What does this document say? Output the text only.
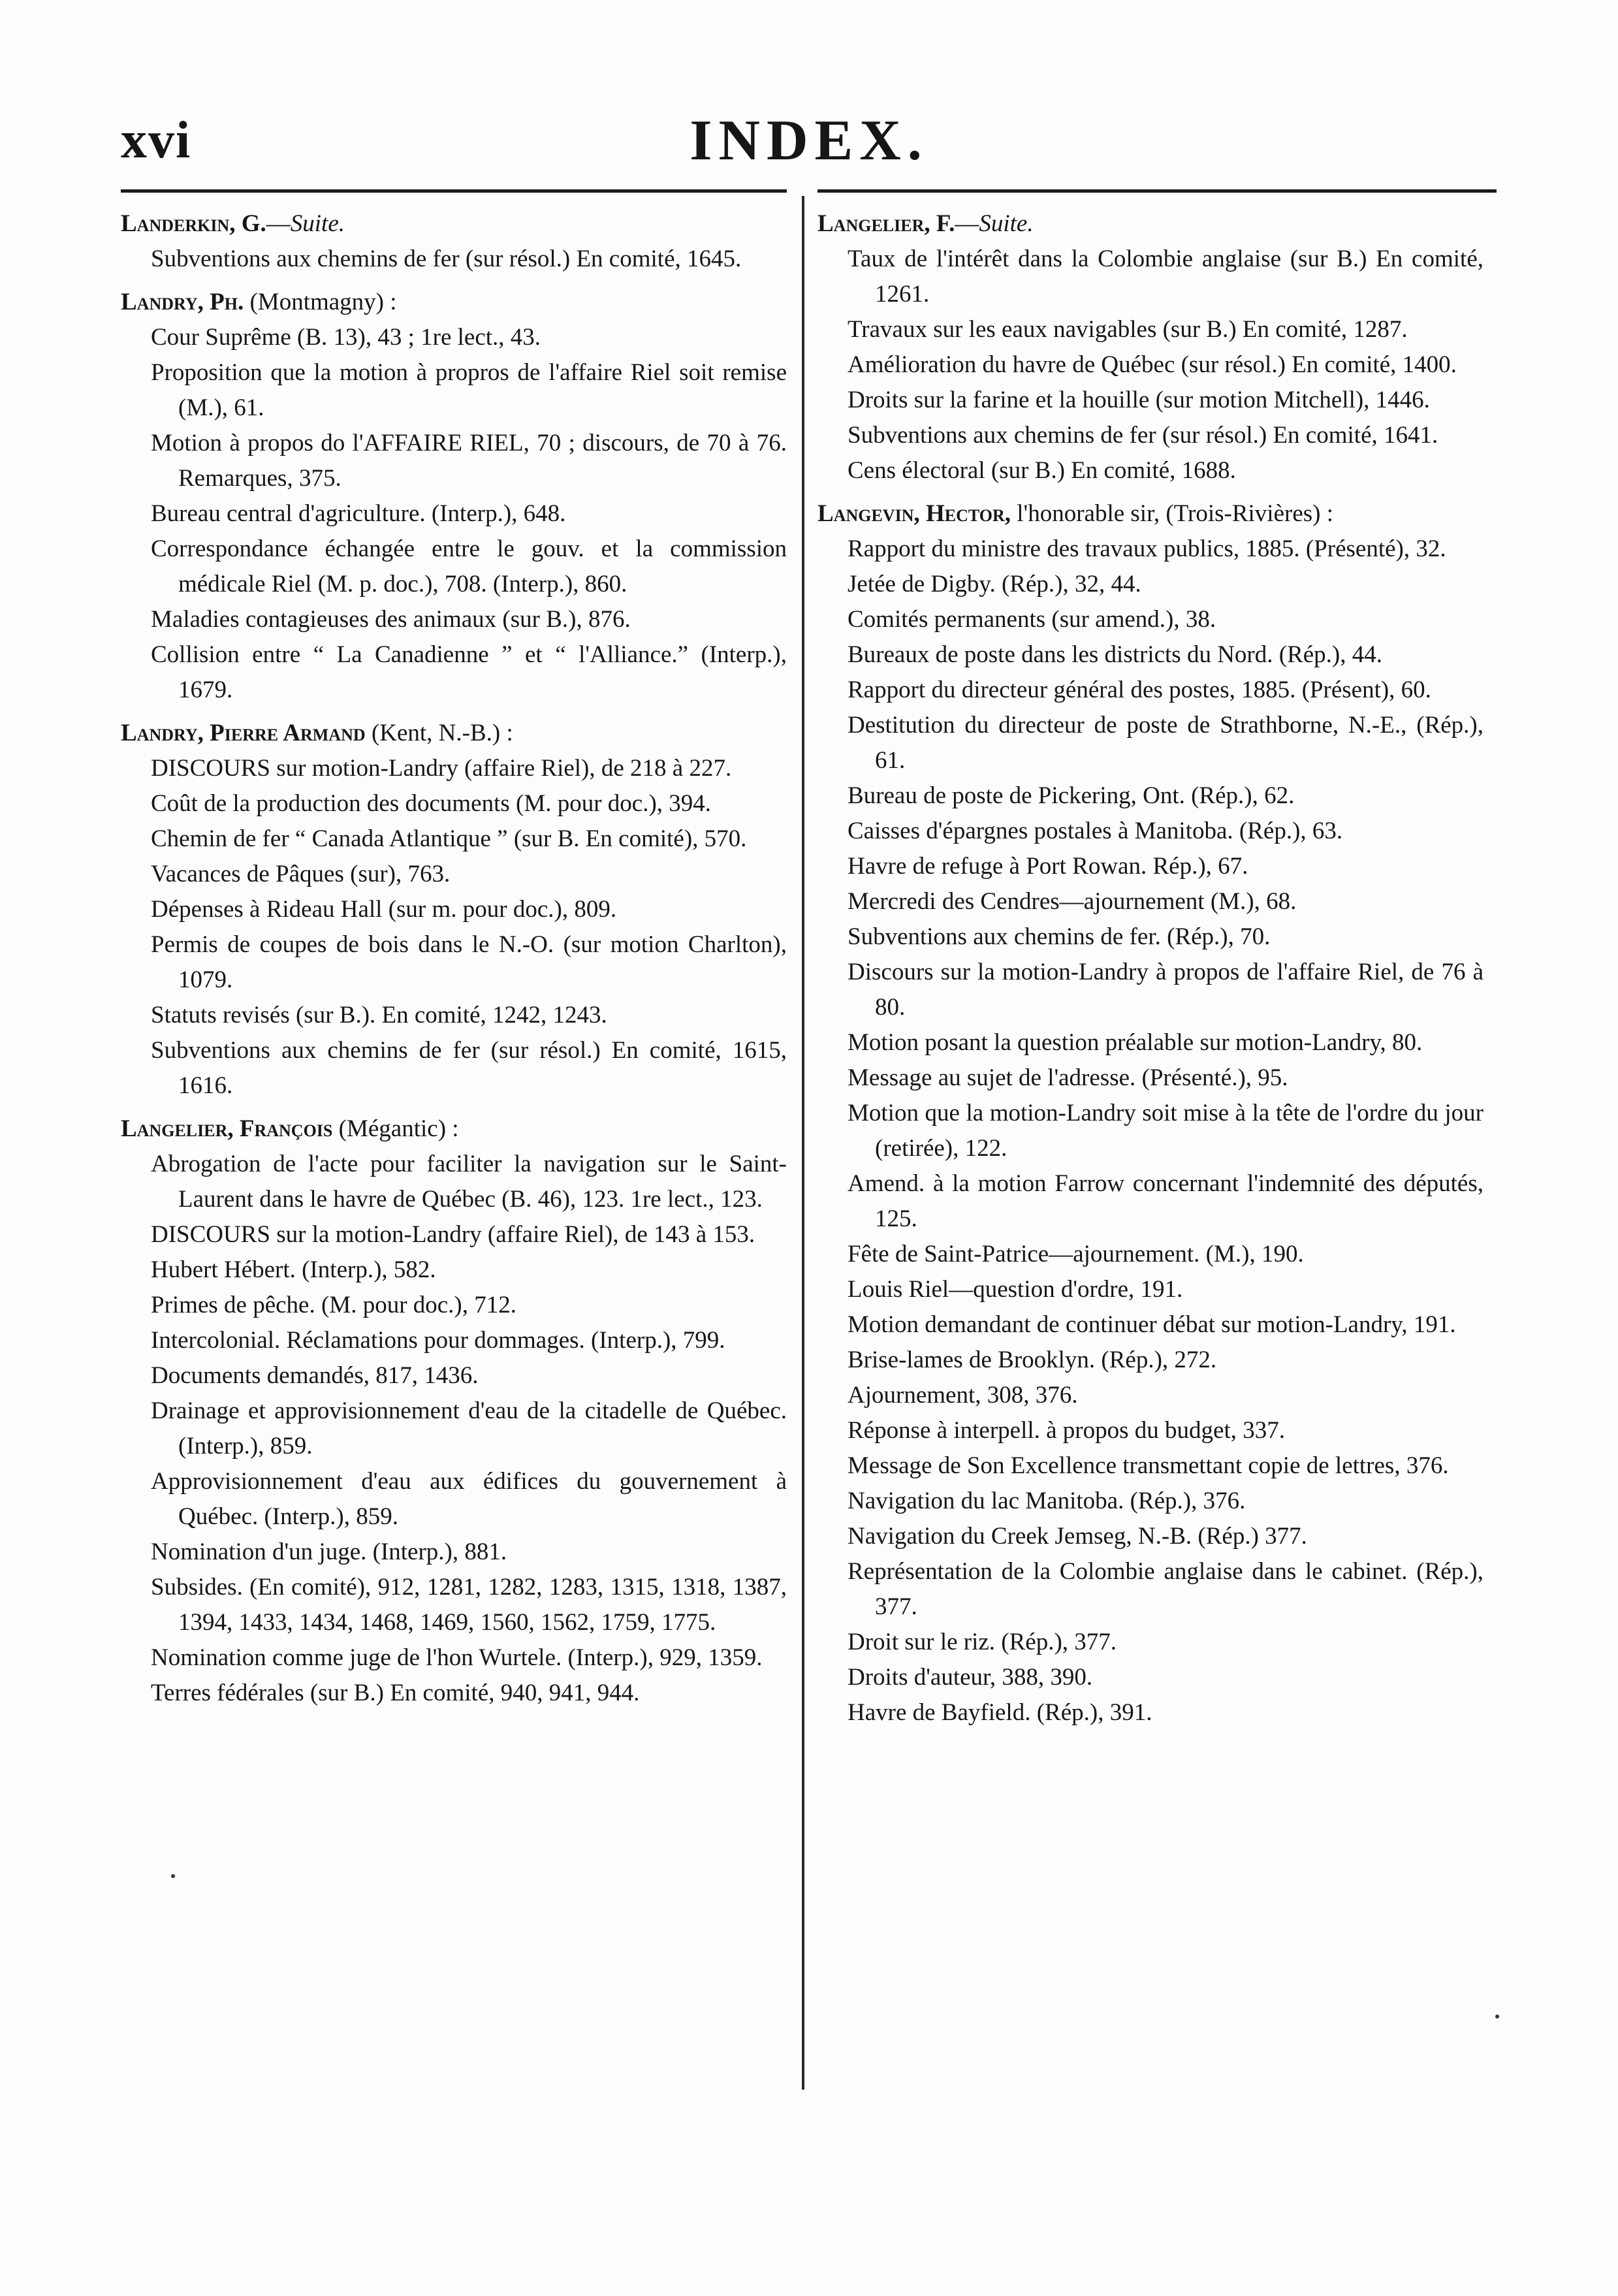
xvi	INDEX.
Landerkin, G.—Suite.

Subventions aux chemins de fer (sur résol.) En comité, 1645.

Landry, Ph. (Montmagny) :

Cour Suprême (B. 13), 43 ; 1re lect., 43.

Proposition que la motion à propros de l'affaire Riel soit remise (M.), 61.

Motion à propos do l'AFFAIRE RIEL, 70 ; discours, de 70 à 76. Remarques, 375.

Bureau central d'agriculture. (Interp.), 648.

Correspondance échangée entre le gouv. et la commission médicale Riel (M. p. doc.), 708. (Interp.), 860.

Maladies contagieuses des animaux (sur B.), 876.

Collision entre “ La Canadienne ” et “ l'Alliance.” (Interp.), 1679.

Landry, Pierre Armand (Kent, N.-B.) :

DISCOURS sur motion-Landry (affaire Riel), de 218 à 227.

Coût de la production des documents (M. pour doc.), 394.

Chemin de fer “ Canada Atlantique ” (sur B. En comité), 570.

Vacances de Pâques (sur), 763.

Dépenses à Rideau Hall (sur m. pour doc.), 809.

Permis de coupes de bois dans le N.-O. (sur motion Charlton), 1079.

Statuts revisés (sur B.). En comité, 1242, 1243.

Subventions aux chemins de fer (sur résol.) En comité, 1615, 1616.

Langelier, François (Mégantic) :

Abrogation de l'acte pour faciliter la navigation sur le Saint-Laurent dans le havre de Québec (B. 46), 123. 1re lect., 123.

DISCOURS sur la motion-Landry (affaire Riel), de 143 à 153.

Hubert Hébert. (Interp.), 582.

Primes de pêche. (M. pour doc.), 712.

Intercolonial. Réclamations pour dommages. (Interp.), 799.

Documents demandés, 817, 1436.

Drainage et approvisionnement d'eau de la citadelle de Québec. (Interp.), 859.

Approvisionnement d'eau aux édifices du gouvernement à Québec. (Interp.), 859.

Nomination d'un juge. (Interp.), 881.

Subsides. (En comité), 912, 1281, 1282, 1283, 1315, 1318, 1387, 1394, 1433, 1434, 1468, 1469, 1560, 1562, 1759, 1775.

Nomination comme juge de l'hon Wurtele. (Interp.), 929, 1359.

Terres fédérales (sur B.) En comité, 940, 941, 944.

Langelier, F.—Suite.

Taux de l'intérêt dans la Colombie anglaise (sur B.) En comité, 1261.

Travaux sur les eaux navigables (sur B.) En comité, 1287.

Amélioration du havre de Québec (sur résol.) En comité, 1400.

Droits sur la farine et la houille (sur motion Mitchell), 1446.

Subventions aux chemins de fer (sur résol.) En comité, 1641.

Cens électoral (sur B.) En comité, 1688.

Langevin, Hector, l'honorable sir, (Trois-Rivières) :

Rapport du ministre des travaux publics, 1885. (Présenté), 32.

Jetée de Digby. (Rép.), 32, 44.

Comités permanents (sur amend.), 38.

Bureaux de poste dans les districts du Nord. (Rép.), 44.

Rapport du directeur général des postes, 1885. (Présent), 60.

Destitution du directeur de poste de Strathborne, N.-E., (Rép.), 61.

Bureau de poste de Pickering, Ont. (Rép.), 62.

Caisses d'épargnes postales à Manitoba. (Rép.), 63.

Havre de refuge à Port Rowan. Rép.), 67.

Mercredi des Cendres—ajournement (M.), 68.

Subventions aux chemins de fer. (Rép.), 70.

Discours sur la motion-Landry à propos de l'affaire Riel, de 76 à 80.

Motion posant la question préalable sur motion-Landry, 80.

Message au sujet de l'adresse. (Présenté.), 95.

Motion que la motion-Landry soit mise à la tête de l'ordre du jour (retirée), 122.

Amend. à la motion Farrow concernant l'indemnité des députés, 125.

Fête de Saint-Patrice—ajournement. (M.), 190.

Louis Riel—question d'ordre, 191.

Motion demandant de continuer débat sur motion-Landry, 191.

Brise-lames de Brooklyn. (Rép.), 272.

Ajournement, 308, 376.

Réponse à interpell. à propos du budget, 337.

Message de Son Excellence transmettant copie de lettres, 376.

Navigation du lac Manitoba. (Rép.), 376.

Navigation du Creek Jemseg, N.-B. (Rép.) 377.

Représentation de la Colombie anglaise dans le cabinet. (Rép.), 377.

Droit sur le riz. (Rép.), 377.

Droits d'auteur, 388, 390.

Havre de Bayfield. (Rép.), 391.
